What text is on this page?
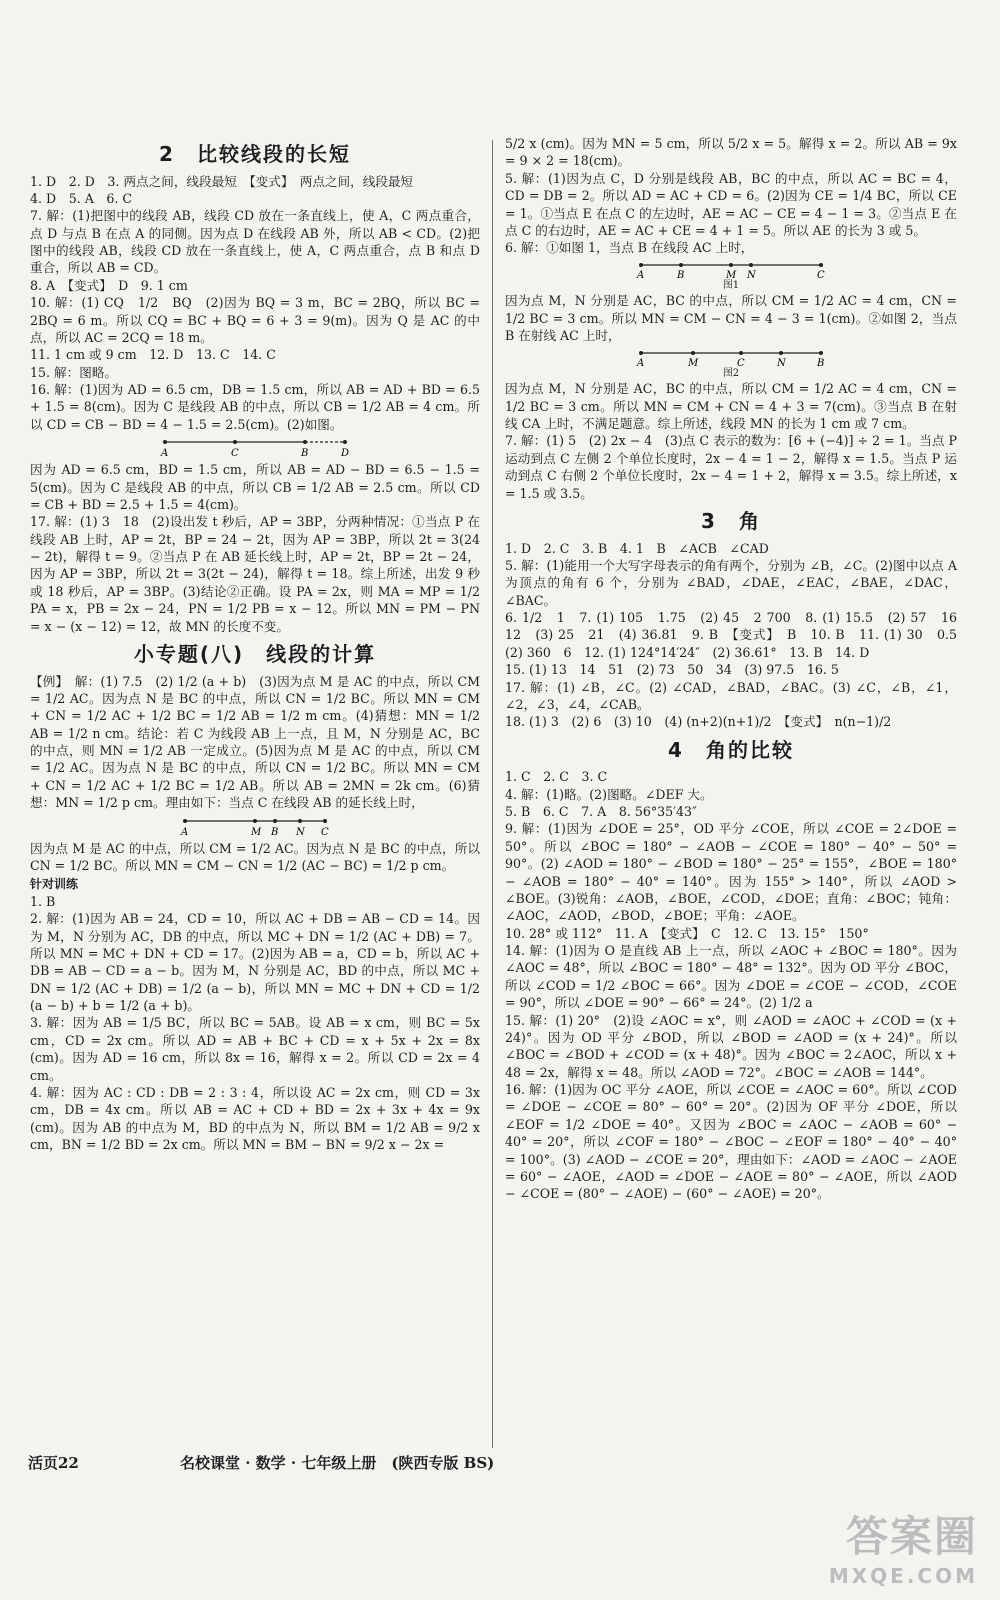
2　比较线段的长短

1. D　2. D　3. 两点之间，线段最短　【变式】　两点之间，线段最短

4. D　5. A　6. C

7. 解：(1)把图中的线段 AB，线段 CD 放在一条直线上，使 A，C 两点重合，点 D 与点 B 在点 A 的同侧。因为点 D 在线段 AB 外，所以 AB < CD。(2)把图中的线段 AB，线段 CD 放在一条直线上，使 A，C 两点重合，点 B 和点 D 重合，所以 AB = CD。

8. A　【变式】　D　9. 1 cm

10. 解：(1) CQ　1/2　BQ　(2)因为 BQ = 3 m，BC = 2BQ，所以 BC = 2BQ = 6 m。所以 CQ = BC + BQ = 6 + 3 = 9(m)。因为 Q 是 AC 的中点，所以 AC = 2CQ = 18 m。

11. 1 cm 或 9 cm　12. D　13. C　14. C

15. 解：图略。

16. 解：(1)因为 AD = 6.5 cm，DB = 1.5 cm，所以 AB = AD + BD = 6.5 + 1.5 = 8(cm)。因为 C 是线段 AB 的中点，所以 CB = 1/2 AB = 4 cm。所以 CD = CB − BD = 4 − 1.5 = 2.5(cm)。(2)如图。

A	C	B	D

因为 AD = 6.5 cm，BD = 1.5 cm，所以 AB = AD − BD = 6.5 − 1.5 = 5(cm)。因为 C 是线段 AB 的中点，所以 CB = 1/2 AB = 2.5 cm。所以 CD = CB + BD = 2.5 + 1.5 = 4(cm)。

17. 解：(1) 3　18　(2)设出发 t 秒后，AP = 3BP，分两种情况：①当点 P 在线段 AB 上时，AP = 2t，BP = 24 − 2t，因为 AP = 3BP，所以 2t = 3(24 − 2t)，解得 t = 9。②当点 P 在 AB 延长线上时，AP = 2t，BP = 2t − 24，因为 AP = 3BP，所以 2t = 3(2t − 24)，解得 t = 18。综上所述，出发 9 秒或 18 秒后，AP = 3BP。(3)结论②正确。设 PA = 2x，则 MA = MP = 1/2 PA = x，PB = 2x − 24，PN = 1/2 PB = x − 12。所以 MN = PM − PN = x − (x − 12) = 12，故 MN 的长度不变。

小专题(八)　线段的计算

【例】　解：(1) 7.5　(2) 1/2 (a + b)　(3)因为点 M 是 AC 的中点，所以 CM = 1/2 AC。因为点 N 是 BC 的中点，所以 CN = 1/2 BC。所以 MN = CM + CN = 1/2 AC + 1/2 BC = 1/2 AB = 1/2 m cm。(4)猜想：MN = 1/2 AB = 1/2 n cm。结论：若 C 为线段 AB 上一点，且 M，N 分别是 AC，BC 的中点，则 MN = 1/2 AB 一定成立。(5)因为点 M 是 AC 的中点，所以 CM = 1/2 AC。因为点 N 是 BC 的中点，所以 CN = 1/2 BC。所以 MN = CM + CN = 1/2 AC + 1/2 BC = 1/2 AB。所以 AB = 2MN = 2k cm。(6)猜想：MN = 1/2 p cm。理由如下：当点 C 在线段 AB 的延长线上时，

A	M B N C

因为点 M 是 AC 的中点，所以 CM = 1/2 AC。因为点 N 是 BC 的中点，所以 CN = 1/2 BC。所以 MN = CM − CN = 1/2 (AC − BC) = 1/2 p cm。

针对训练

1. B

2. 解：(1)因为 AB = 24，CD = 10，所以 AC + DB = AB − CD = 14。因为 M，N 分别为 AC，DB 的中点，所以 MC + DN = 1/2 (AC + DB) = 7。所以 MN = MC + DN + CD = 17。(2)因为 AB = a，CD = b，所以 AC + DB = AB − CD = a − b。因为 M，N 分别是 AC，BD 的中点，所以 MC + DN = 1/2 (AC + DB) = 1/2 (a − b)，所以 MN = MC + DN + CD = 1/2 (a − b) + b = 1/2 (a + b)。

3. 解：因为 AB = 1/5 BC，所以 BC = 5AB。设 AB = x cm，则 BC = 5x cm，CD = 2x cm。所以 AD = AB + BC + CD = x + 5x + 2x = 8x (cm)。因为 AD = 16 cm，所以 8x = 16，解得 x = 2。所以 CD = 2x = 4 cm。

4. 解：因为 AC : CD : DB = 2 : 3 : 4，所以设 AC = 2x cm，则 CD = 3x cm，DB = 4x cm。所以 AB = AC + CD + BD = 2x + 3x + 4x = 9x (cm)。因为 AB 的中点为 M，BD 的中点为 N，所以 BM = 1/2 AB = 9/2 x cm，BN = 1/2 BD = 2x cm。所以 MN = BM − BN = 9/2 x − 2x =

5/2 x (cm)。因为 MN = 5 cm，所以 5/2 x = 5。解得 x = 2。所以 AB = 9x = 9 × 2 = 18(cm)。

5. 解：(1)因为点 C，D 分别是线段 AB，BC 的中点，所以 AC = BC = 4，CD = DB = 2。所以 AD = AC + CD = 6。(2)因为 CE = 1/4 BC，所以 CE = 1。①当点 E 在点 C 的左边时，AE = AC − CE = 4 − 1 = 3。②当点 E 在点 C 的右边时，AE = AC + CE = 4 + 1 = 5。所以 AE 的长为 3 或 5。

6. 解：①如图 1，当点 B 在线段 AC 上时，

A	B	M N	C
图1

因为点 M，N 分别是 AC，BC 的中点，所以 CM = 1/2 AC = 4 cm，CN = 1/2 BC = 3 cm。所以 MN = CM − CN = 4 − 3 = 1(cm)。②如图 2，当点 B 在射线 AC 上时，

A	M	C	N	B
图2

因为点 M，N 分别是 AC，BC 的中点，所以 CM = 1/2 AC = 4 cm，CN = 1/2 BC = 3 cm。所以 MN = CM + CN = 4 + 3 = 7(cm)。③当点 B 在射线 CA 上时，不满足题意。综上所述，线段 MN 的长为 1 cm 或 7 cm。

7. 解：(1) 5　(2) 2x − 4　(3)点 C 表示的数为：[6 + (−4)] ÷ 2 = 1。当点 P 运动到点 C 左侧 2 个单位长度时，2x − 4 = 1 − 2，解得 x = 1.5。当点 P 运动到点 C 右侧 2 个单位长度时，2x − 4 = 1 + 2，解得 x = 3.5。综上所述，x = 1.5 或 3.5。

3　角

1. D　2. C　3. B　4. 1　B　∠ACB　∠CAD

5. 解：(1)能用一个大写字母表示的角有两个，分别为 ∠B，∠C。(2)图中以点 A 为顶点的角有 6 个，分别为 ∠BAD，∠DAE，∠EAC，∠BAE，∠DAC，∠BAC。

6. 1/2　1　7. (1) 105　1.75　(2) 45　2 700　8. (1) 15.5　(2) 57　16　12　(3) 25　21　(4) 36.81　9. B　【变式】　B　10. B　11. (1) 30　0.5　(2) 360　6　12. (1) 124°14′24″　(2) 36.61°　13. B　14. D

15. (1) 13　14　51　(2) 73　50　34　(3) 97.5　16. 5

17. 解：(1) ∠B，∠C。(2) ∠CAD，∠BAD，∠BAC。(3) ∠C，∠B，∠1，∠2，∠3，∠4，∠CAB。

18. (1) 3　(2) 6　(3) 10　(4) (n+2)(n+1)/2　【变式】　n(n−1)/2

4　角的比较

1. C　2. C　3. C

4. 解：(1)略。(2)图略。∠DEF 大。

5. B　6. C　7. A　8. 56°35′43″

9. 解：(1)因为 ∠DOE = 25°，OD 平分 ∠COE，所以 ∠COE = 2∠DOE = 50°。所以 ∠BOC = 180° − ∠AOB − ∠COE = 180° − 40° − 50° = 90°。(2) ∠AOD = 180° − ∠BOD = 180° − 25° = 155°，∠BOE = 180° − ∠AOB = 180° − 40° = 140°。因为 155° > 140°，所以 ∠AOD > ∠BOE。(3)锐角：∠AOB，∠BOE，∠COD，∠DOE；直角：∠BOC；钝角：∠AOC，∠AOD，∠BOD，∠BOE；平角：∠AOE。

10. 28° 或 112°　11. A　【变式】　C　12. C　13. 15°　150°

14. 解：(1)因为 O 是直线 AB 上一点，所以 ∠AOC + ∠BOC = 180°。因为 ∠AOC = 48°，所以 ∠BOC = 180° − 48° = 132°。因为 OD 平分 ∠BOC，所以 ∠COD = 1/2 ∠BOC = 66°。因为 ∠DOE = ∠COE − ∠COD，∠COE = 90°，所以 ∠DOE = 90° − 66° = 24°。(2) 1/2 a

15. 解：(1) 20°　(2)设 ∠AOC = x°，则 ∠AOD = ∠AOC + ∠COD = (x + 24)°。因为 OD 平分 ∠BOD，所以 ∠BOD = ∠AOD = (x + 24)°。所以 ∠BOC = ∠BOD + ∠COD = (x + 48)°。因为 ∠BOC = 2∠AOC，所以 x + 48 = 2x，解得 x = 48。所以 ∠AOD = 72°。∠BOC = ∠AOB = 144°。

16. 解：(1)因为 OC 平分 ∠AOE，所以 ∠COE = ∠AOC = 60°。所以 ∠COD = ∠DOE − ∠COE = 80° − 60° = 20°。(2)因为 OF 平分 ∠DOE，所以 ∠EOF = 1/2 ∠DOE = 40°。又因为 ∠BOC = ∠AOC − ∠AOB = 60° − 40° = 20°，所以 ∠COF = 180° − ∠BOC − ∠EOF = 180° − 40° − 40° = 100°。(3) ∠AOD − ∠COE = 20°，理由如下：∠AOD = ∠AOC − ∠AOE = 60° − ∠AOE，∠AOD = ∠DOE − ∠AOE = 80° − ∠AOE，所以 ∠AOD − ∠COE = (80° − ∠AOE) − (60° − ∠AOE) = 20°。

活页22	名校课堂 · 数学 · 七年级上册　(陕西专版 BS)
答案圈
MXQE.COM
